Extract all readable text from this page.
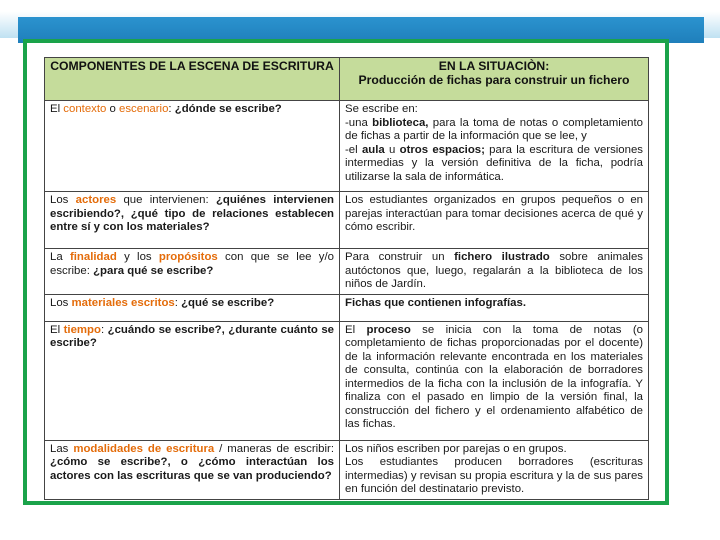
COMPONENTES DE LA ESCENA DE ESCRITURA	EN LA SITUACIÒN:
Producción de fichas para construir un fichero

El contexto o escenario: ¿dónde se escribe?	Se escribe en:
-una biblioteca, para la toma de notas o completamiento de fichas a partir de la información que se lee, y
-el aula u otros espacios; para la escritura de versiones intermedias y la versión definitiva de la ficha, podría utilizarse la sala de informática.

Los actores que intervienen: ¿quiénes intervienen escribiendo?, ¿qué tipo de relaciones establecen entre sí y con los materiales?	Los estudiantes organizados en grupos pequeños o en parejas interactúan para tomar decisiones acerca de qué y cómo escribir.
La finalidad y los propósitos con que se lee y/o escribe: ¿para qué se escribe?	Para construir un fichero ilustrado sobre animales autóctonos que, luego, regalarán a la biblioteca de los niños de Jardín.
Los materiales escritos: ¿qué se escribe?	Fichas que contienen infografías.
El tiempo: ¿cuándo se escribe?, ¿durante cuánto se escribe?	El proceso se inicia con la toma de notas (o completamiento de fichas proporcionadas por el docente) de la información relevante encontrada en los materiales de consulta, continúa con la elaboración de borradores intermedios de la ficha con la inclusión de la infografía. Y finaliza con el pasado en limpio de la versión final, la construcción del fichero y el ordenamiento alfabético de las fichas.
Las modalidades de escritura / maneras de escribir: ¿cómo se escribe?, o ¿cómo interactúan los actores con las escrituras que se van produciendo?	Los niños escriben por parejas o en grupos.
Los estudiantes producen borradores (escrituras intermedias) y revisan su propia escritura y la de sus pares en función del destinatario previsto.
